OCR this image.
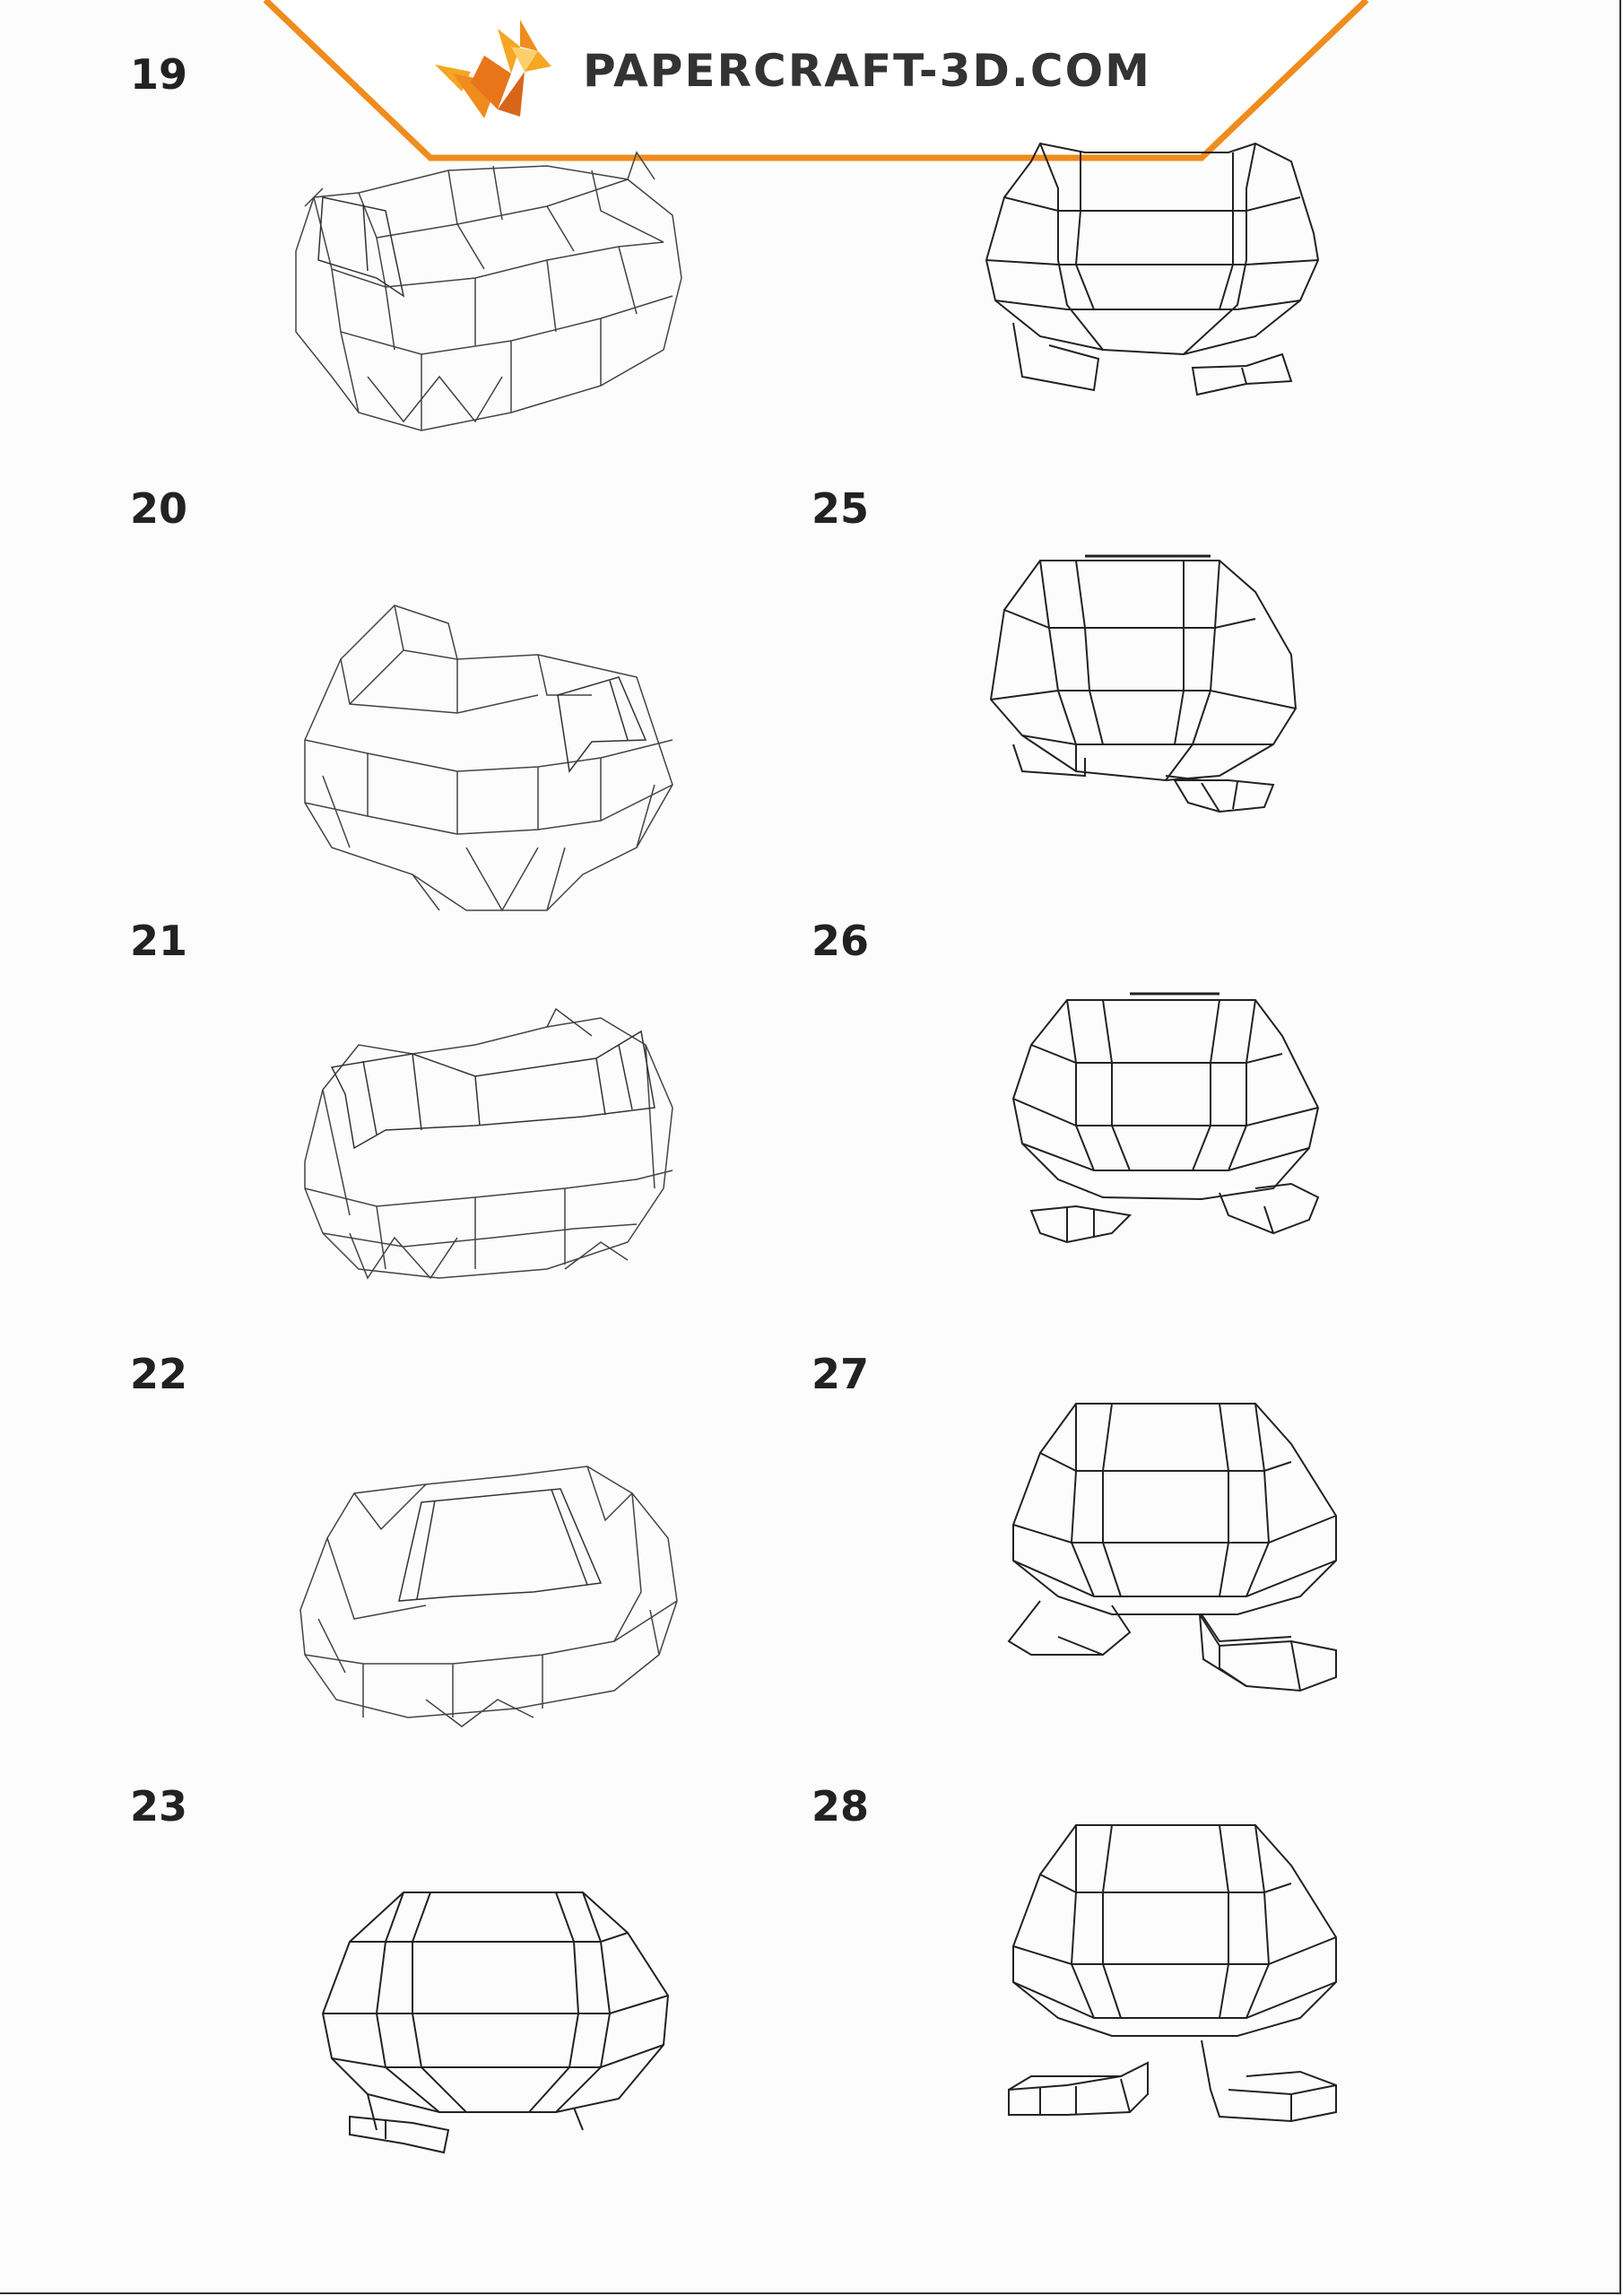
PAPERCRAFT-3D.COM
19
20
21
22
23
25
26
27
28
